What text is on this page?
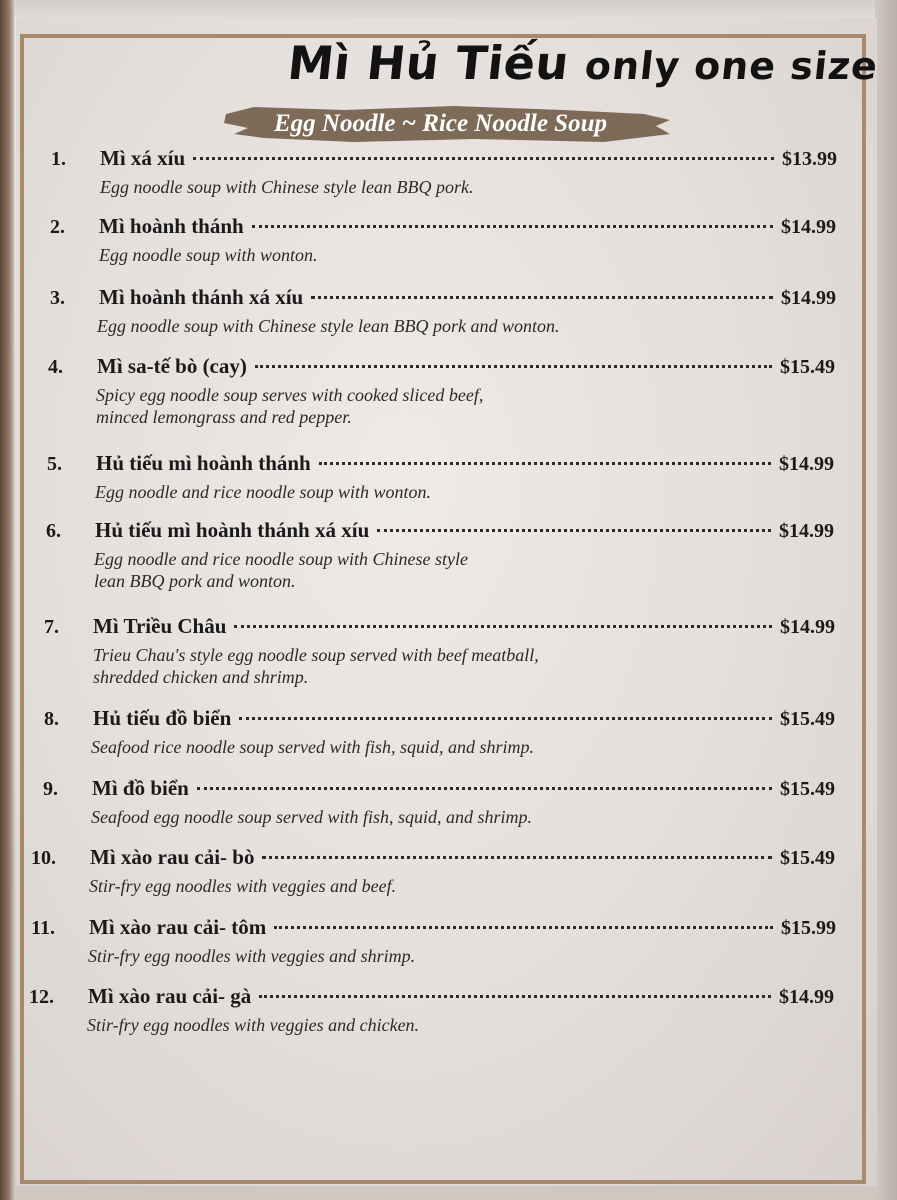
Mì Hủ Tiếu only one size
Egg Noodle ~ Rice Noodle Soup
1. Mì xá xíu	$13.99
Egg noodle soup with Chinese style lean BBQ pork.
2. Mì hoành thánh	$14.99
Egg noodle soup with wonton.
3. Mì hoành thánh xá xíu	$14.99
Egg noodle soup with Chinese style lean BBQ pork and wonton.
4. Mì sa-tế bò (cay)	$15.49
Spicy egg noodle soup serves with cooked sliced beef,
minced lemongrass and red pepper.
5. Hủ tiếu mì hoành thánh	$14.99
Egg noodle and rice noodle soup with wonton.
6. Hủ tiếu mì hoành thánh xá xíu	$14.99
Egg noodle and rice noodle soup with Chinese style
lean BBQ pork and wonton.
7. Mì Triều Châu	$14.99
Trieu Chau's style egg noodle soup served with beef meatball,
shredded chicken and shrimp.
8. Hủ tiếu đồ biển	$15.49
Seafood rice noodle soup served with fish, squid, and shrimp.
9. Mì đồ biển	$15.49
Seafood egg noodle soup served with fish, squid, and shrimp.
10. Mì xào rau cải- bò	$15.49
Stir-fry egg noodles with veggies and beef.
11. Mì xào rau cải- tôm	$15.99
Stir-fry egg noodles with veggies and shrimp.
12. Mì xào rau cải- gà	$14.99
Stir-fry egg noodles with veggies and chicken.
